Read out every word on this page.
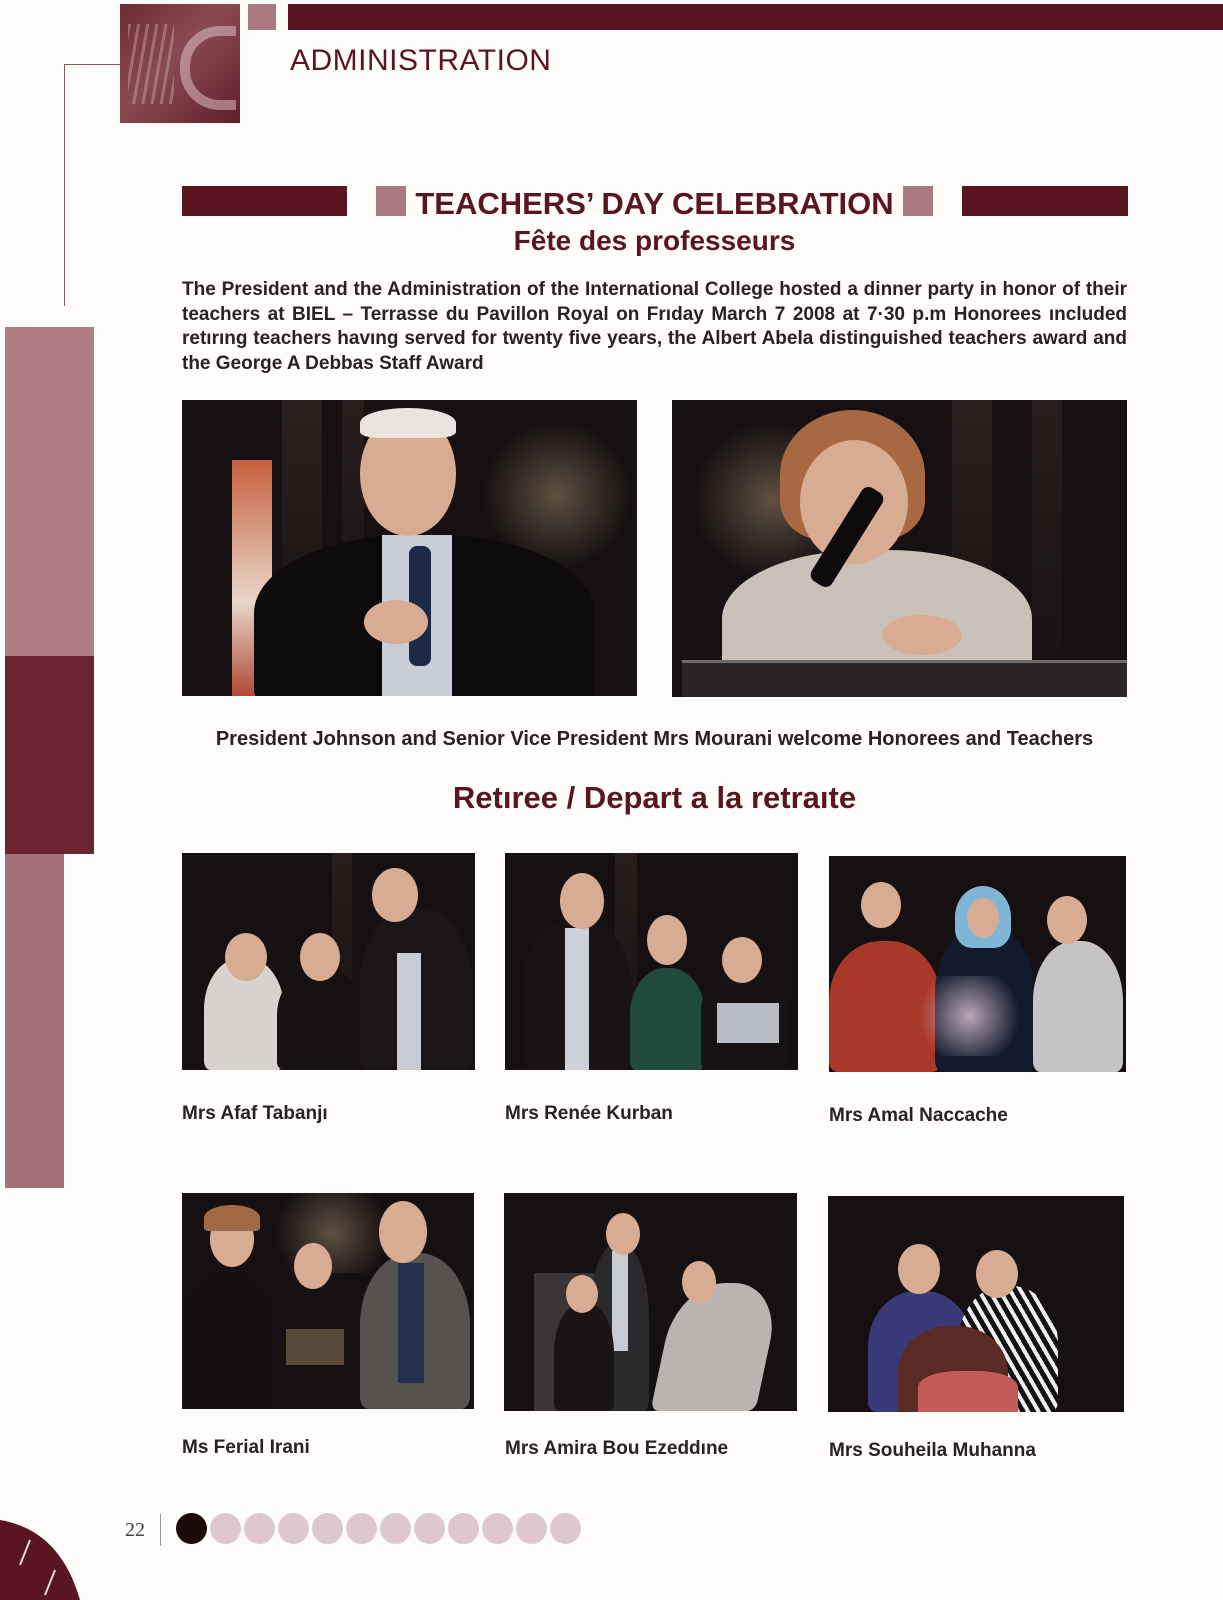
ADMINISTRATION
TEACHERS’ DAY CELEBRATION
Fête des professeurs

The President and the Administration of the International College hosted a dinner party in honor of their teachers at BIEL – Terrasse du Pavillon Royal on Frıday March 7 2008 at 7·30 p.m Honorees ıncluded retırıng teachers havıng served for twenty five years, the Albert Abela distinguished teachers award and the George A Debbas Staff Award

President Johnson and Senior Vice President Mrs Mourani welcome Honorees and Teachers
Retıree / Depart a la retraıte
Mrs Afaf Tabanjı	Mrs Renée Kurban	Mrs Amal Naccache
Ms Ferial Irani	Mrs Amira Bou Ezeddıne	Mrs Souheila Muhanna
22
